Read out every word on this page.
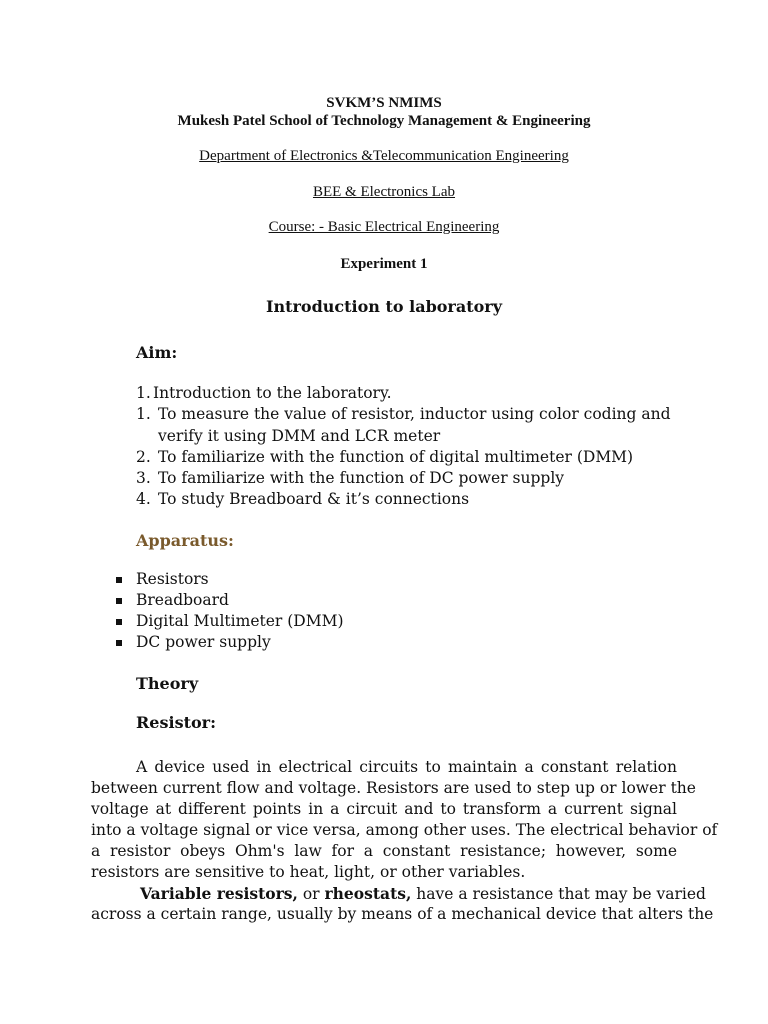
SVKM’S NMIMS
Mukesh Patel School of Technology Management & Engineering
Department of Electronics &Telecommunication Engineering
BEE & Electronics Lab
Course: - Basic Electrical Engineering
Experiment 1
Introduction to laboratory
Aim:
1. Introduction to the laboratory.
1. To measure the value of resistor, inductor using color coding and
verify it using DMM and LCR meter
2. To familiarize with the function of digital multimeter (DMM)
3. To familiarize with the function of DC power supply
4. To study Breadboard & it’s connections
Apparatus:
Resistors
Breadboard
Digital Multimeter (DMM)
DC power supply
Theory
Resistor:
A device used in electrical circuits to maintain a constant relation
between current flow and voltage. Resistors are used to step up or lower the
voltage at different points in a circuit and to transform a current signal
into a voltage signal or vice versa, among other uses. The electrical behavior of
a resistor obeys Ohm's law for a constant resistance; however, some
resistors are sensitive to heat, light, or other variables.
Variable resistors, or rheostats, have a resistance that may be varied
across a certain range, usually by means of a mechanical device that alters the
